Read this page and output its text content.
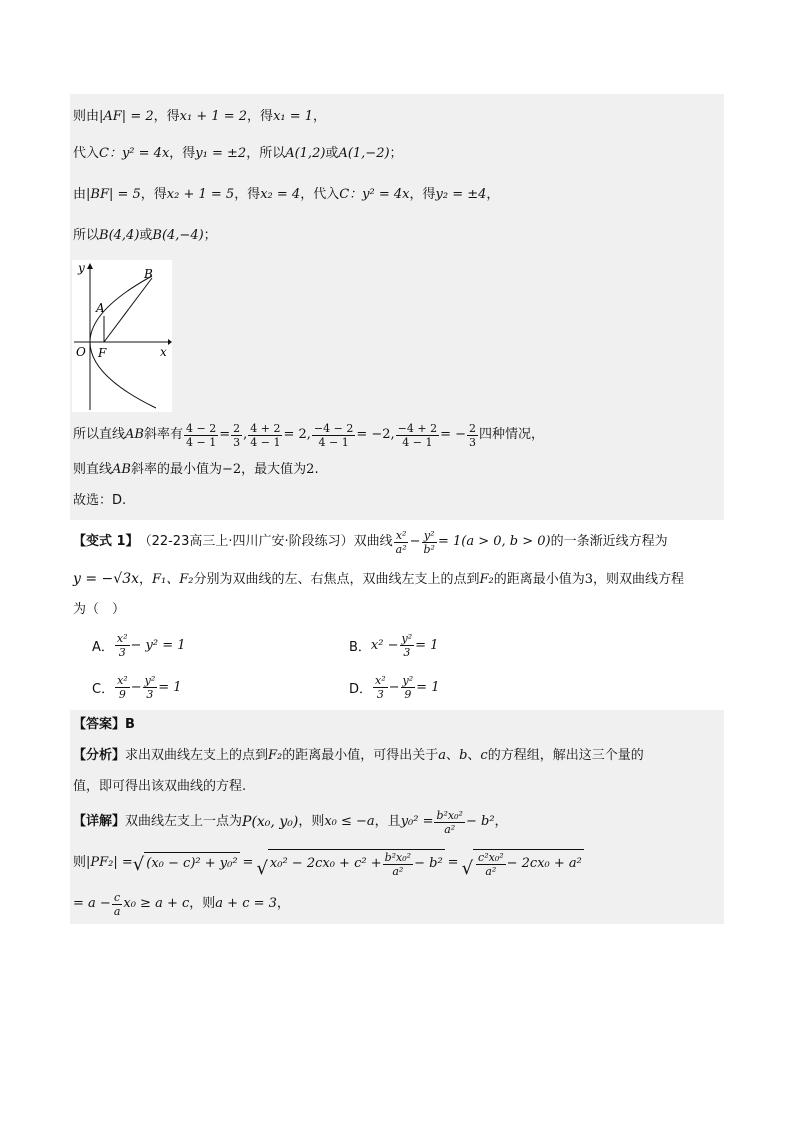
则由|AF| = 2，得x₁ + 1 = 2，得x₁ = 1，
代入C：y² = 4x，得y₁ = ±2，所以A(1,2)或A(1,−2)；
由|BF| = 5，得x₂ + 1 = 5，得x₂ = 4，代入C：y² = 4x，得y₂ = ±4，
所以B(4,4)或B(4,−4)；
y
x
B
A
O F
所以直线 AB 斜率有 $\frac{4 - 2}{4 - 1} = \frac{2}{3}$ , $\frac{4 + 2}{4 - 1} = 2$, $\frac{-4 - 2}{4 - 1} = -2$, $\frac{-4 + 2}{4 - 1}$ = − $\frac{2}{3}$ 四种情况，
则直线AB斜率的最小值为−2，最大值为2.
故选：D.
【变式 1】 （22-23高三上·四川广安·阶段练习） 双曲线 $\frac{\text{x²}}{\text{a²}} - \frac{\text{y²}}{\text{b²}} = 1(a > 0$, b > 0) 的一条渐近线方程为
y = −√3x，F₁、F₂分别为双曲线的左、右焦点，双曲线左支上的点到F₂的距离最小值为3，则双曲线方程
为（　）
A． $\frac{\text{x²}}{3} - y^2 = 1$	B． $x^2 - \frac{\text{y²}}{3} = 1$
C． $\frac{\text{x²}}{9} - \frac{\text{y²}}{3} = 1$	D． $\frac{\text{x²}}{3} - \frac{\text{y²}}{9} = 1$
【答案】B
【分析】求出双曲线左支上的点到F₂的距离最小值，可得出关于a、b、c的方程组，解出这三个量的
值，即可得出该双曲线的方程.
【详解】 双曲线左支上一点为 P(x₀, y₀) ，则 x₀ ≤ −a ，且 $y_0^2 = \frac{\text{b²x₀²}}{\text{a²}} - b^2$ ，
则 |PF₂| = √ (x₀ − c)² + y₀² = √ $x_0^2 - 2cx_0 + c^2 + \frac{\text{b²x₀²}}{\text{a²}} - b^2$ = √ $\frac{\text{c²x₀²}}{\text{a²}} - 2cx_0 + a^2$
= $a - \frac{c}{a} x_0 \ge a + c$ ，则 a + c = 3 ，
